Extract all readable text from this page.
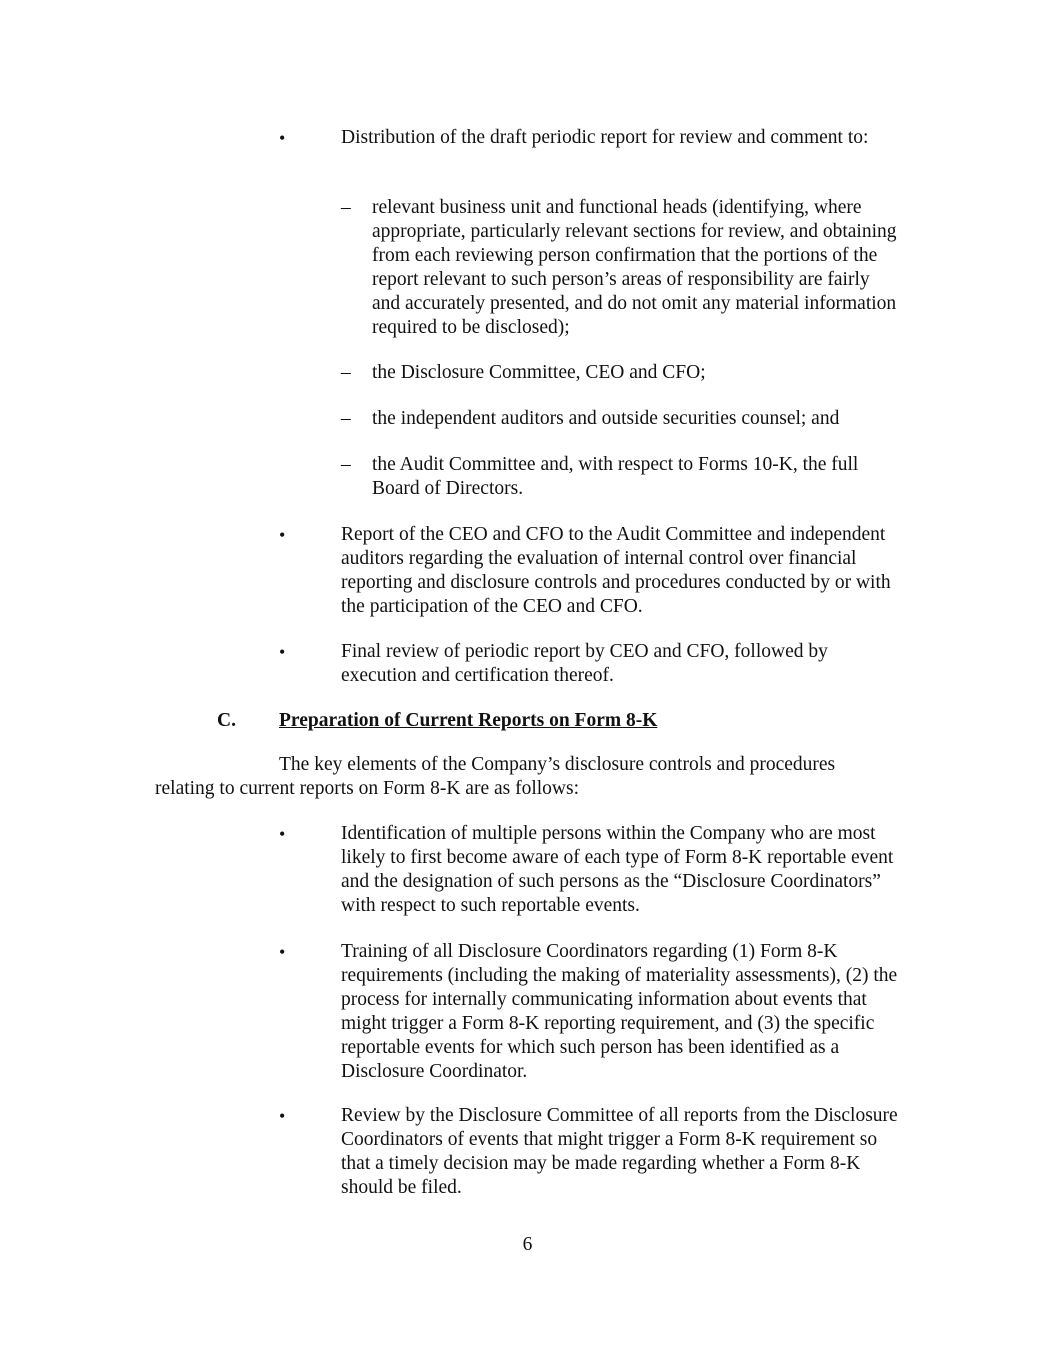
•	Distribution of the draft periodic report for review and comment to:
– relevant business unit and functional heads (identifying, where appropriate, particularly relevant sections for review, and obtaining from each reviewing person confirmation that the portions of the report relevant to such person’s areas of responsibility are fairly and accurately presented, and do not omit any material information required to be disclosed);
– the Disclosure Committee, CEO and CFO;
– the independent auditors and outside securities counsel; and
– the Audit Committee and, with respect to Forms 10-K, the full Board of Directors.
•	Report of the CEO and CFO to the Audit Committee and independent auditors regarding the evaluation of internal control over financial reporting and disclosure controls and procedures conducted by or with the participation of the CEO and CFO.
•	Final review of periodic report by CEO and CFO, followed by execution and certification thereof.
C. Preparation of Current Reports on Form 8-K
The key elements of the Company’s disclosure controls and procedures relating to current reports on Form 8-K are as follows:
•	Identification of multiple persons within the Company who are most likely to first become aware of each type of Form 8-K reportable event and the designation of such persons as the “Disclosure Coordinators” with respect to such reportable events.
•	Training of all Disclosure Coordinators regarding (1) Form 8-K requirements (including the making of materiality assessments), (2) the process for internally communicating information about events that might trigger a Form 8-K reporting requirement, and (3) the specific reportable events for which such person has been identified as a Disclosure Coordinator.
•	Review by the Disclosure Committee of all reports from the Disclosure Coordinators of events that might trigger a Form 8-K requirement so that a timely decision may be made regarding whether a Form 8-K should be filed.
6
